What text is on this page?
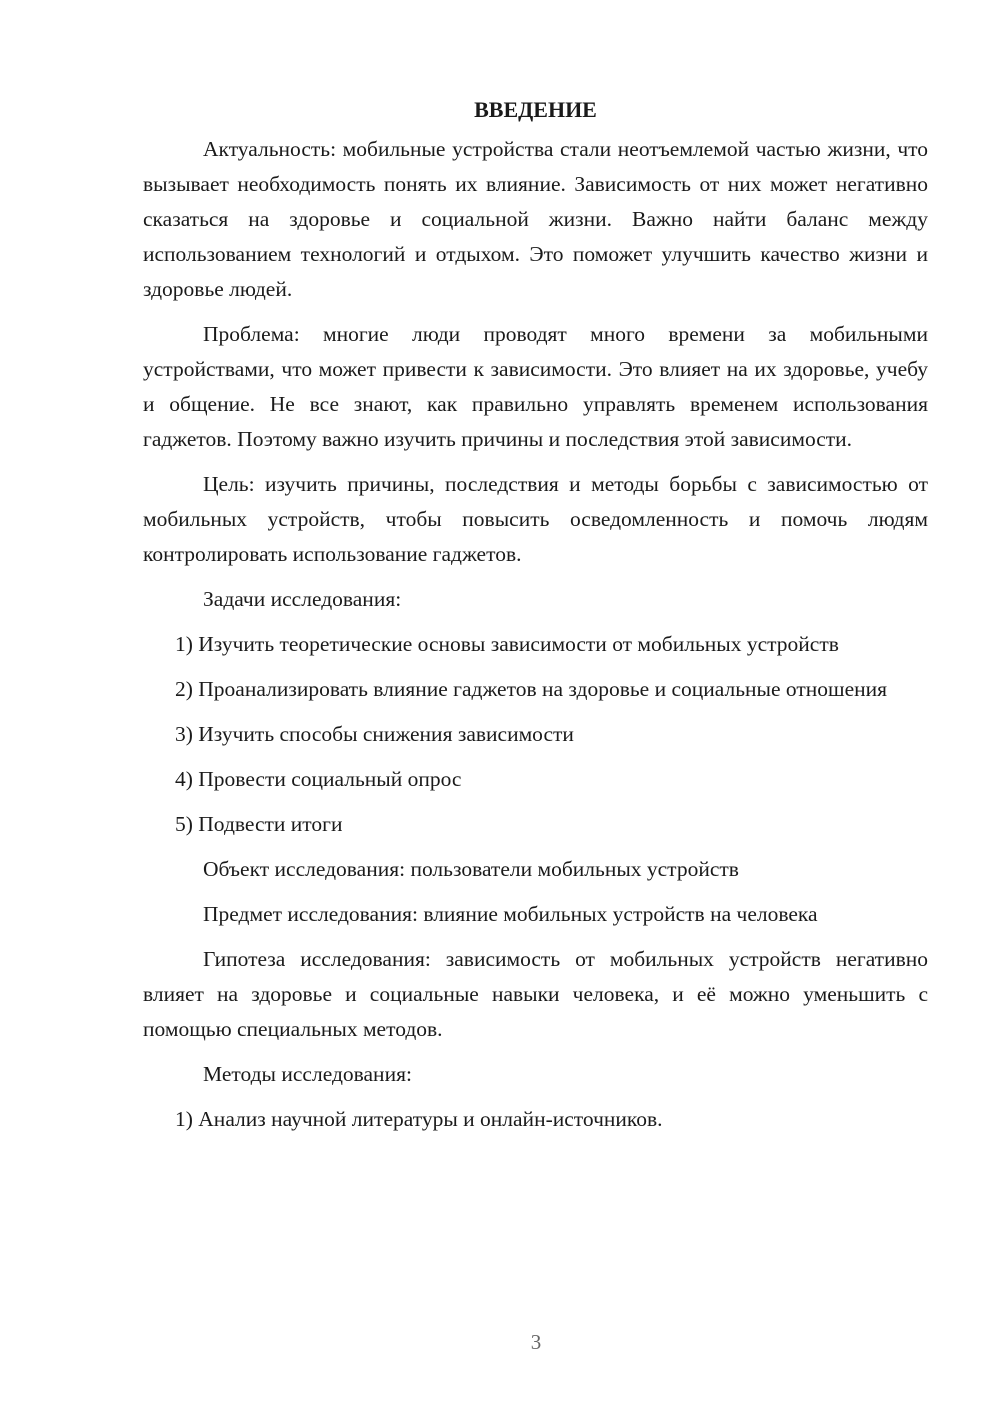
ВВЕДЕНИЕ

Актуальность: мобильные устройства стали неотъемлемой частью жизни, что вызывает необходимость понять их влияние. Зависимость от них может негативно сказаться на здоровье и социальной жизни. Важно найти баланс между использованием технологий и отдыхом. Это поможет улучшить качество жизни и здоровье людей.

Проблема: многие люди проводят много времени за мобильными устройствами, что может привести к зависимости. Это влияет на их здоровье, учебу и общение. Не все знают, как правильно управлять временем использования гаджетов. Поэтому важно изучить причины и последствия этой зависимости.

Цель: изучить причины, последствия и методы борьбы с зависимостью от мобильных устройств, чтобы повысить осведомленность и помочь людям контролировать использование гаджетов.

Задачи исследования:

1) Изучить теоретические основы зависимости от мобильных устройств

2) Проанализировать влияние гаджетов на здоровье и социальные отношения

3) Изучить способы снижения зависимости

4) Провести социальный опрос

5) Подвести итоги

Объект исследования: пользователи мобильных устройств

Предмет исследования: влияние мобильных устройств на человека

Гипотеза исследования: зависимость от мобильных устройств негативно влияет на здоровье и социальные навыки человека, и её можно уменьшить с помощью специальных методов.

Методы исследования:

1) Анализ научной литературы и онлайн-источников.

3
